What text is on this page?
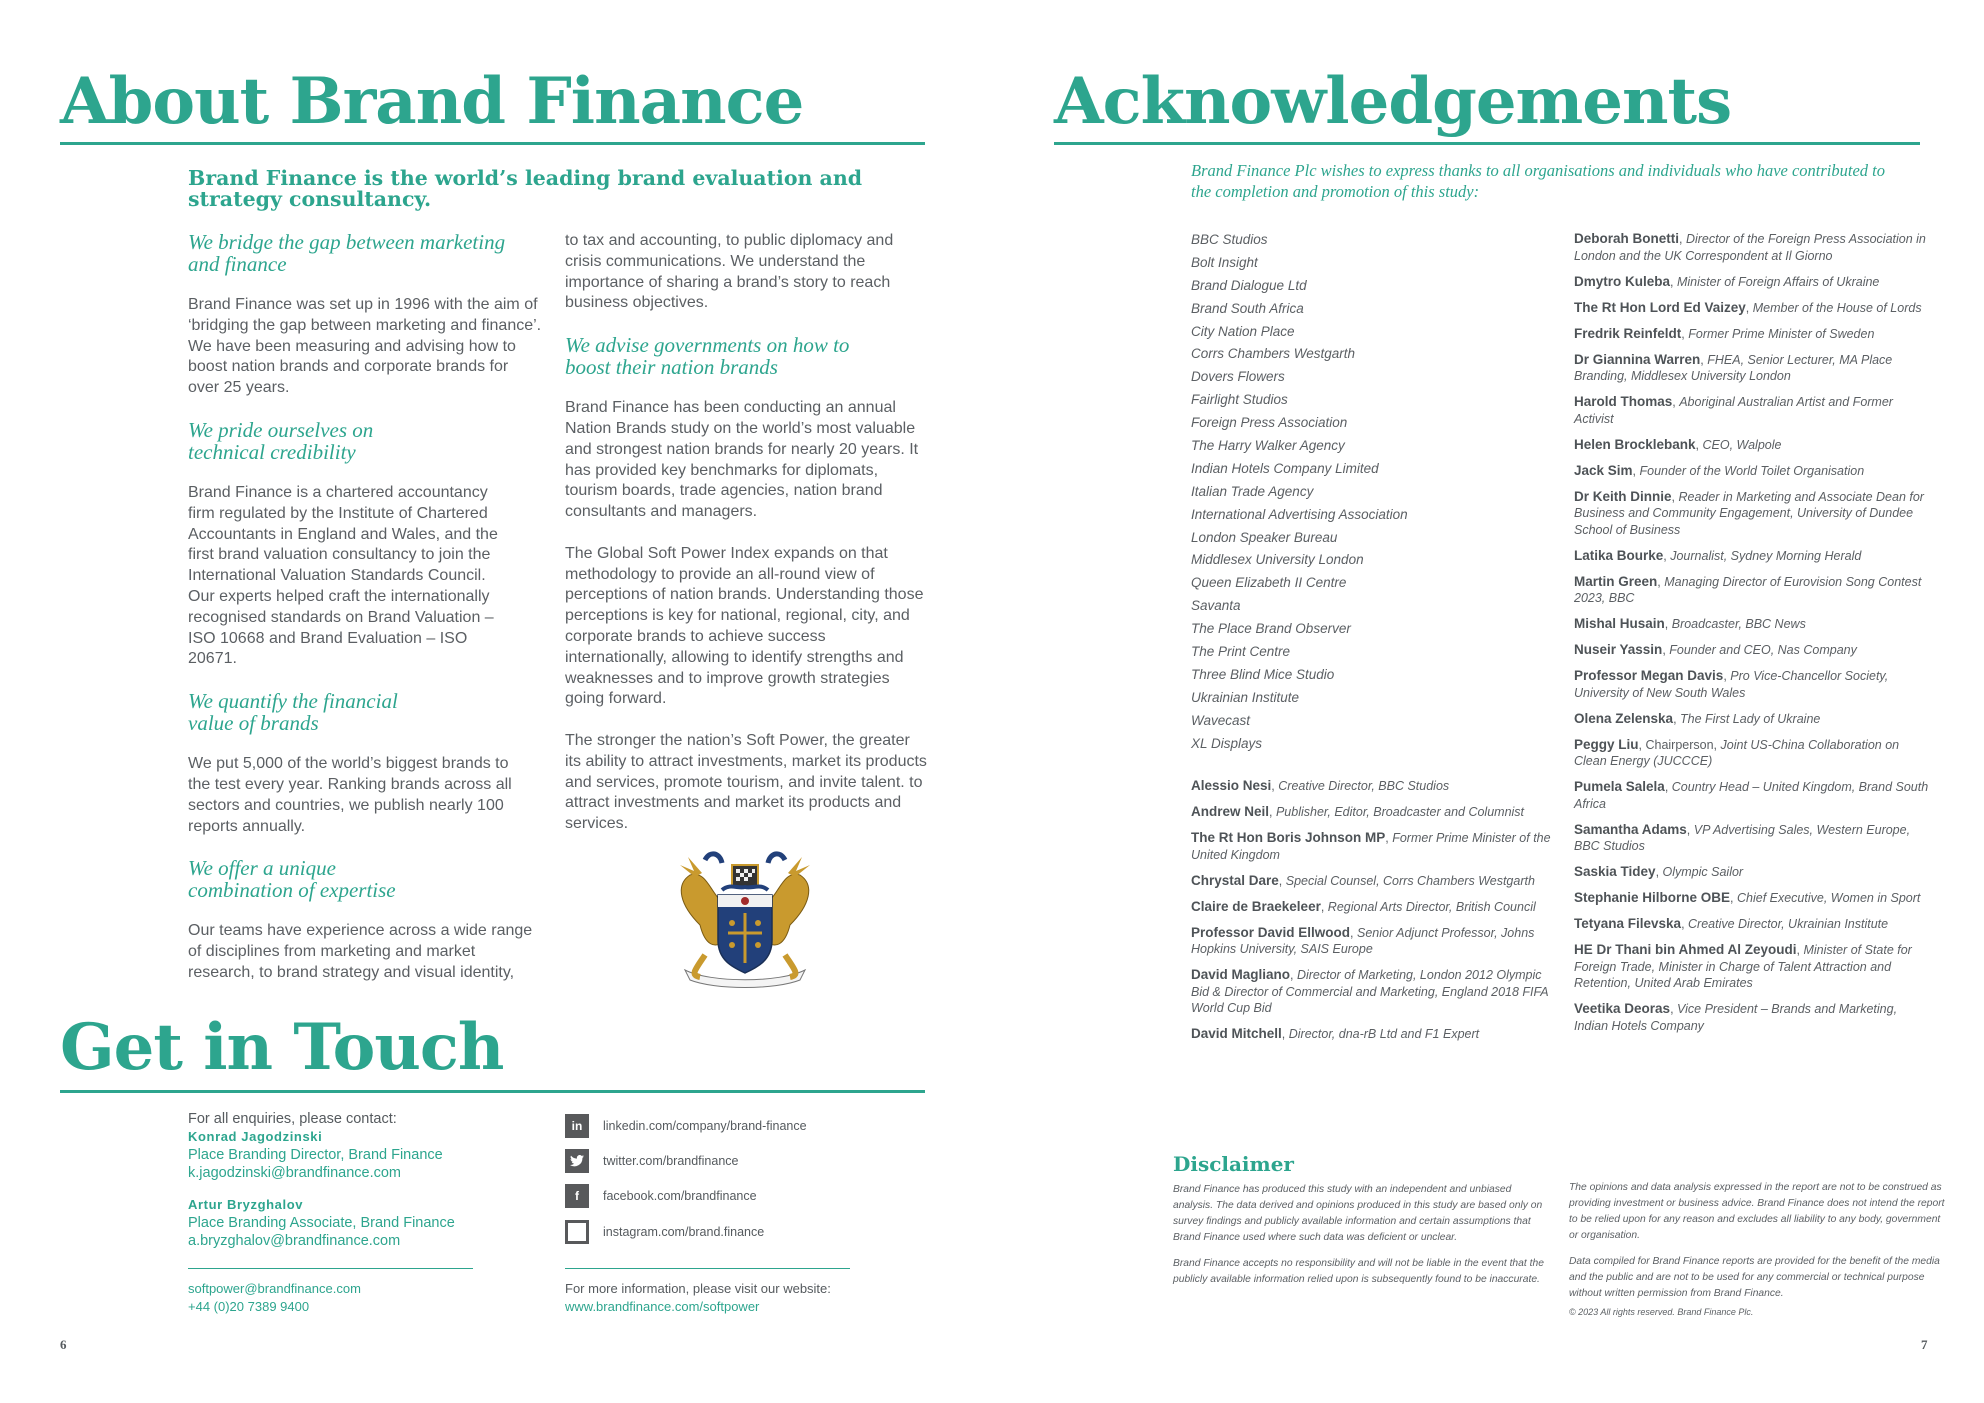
About Brand Finance
Brand Finance is the world’s leading brand evaluation and strategy consultancy.
We bridge the gap between marketing and finance
Brand Finance was set up in 1996 with the aim of ‘bridging the gap between marketing and finance’. We have been measuring and advising how to boost nation brands and corporate brands for over 25 years.
We pride ourselves on technical credibility
Brand Finance is a chartered accountancy firm regulated by the Institute of Chartered Accountants in England and Wales, and the first brand valuation consultancy to join the International Valuation Standards Council. Our experts helped craft the internationally recognised standards on Brand Valuation – ISO 10668 and Brand Evaluation – ISO 20671.
We quantify the financial value of brands
We put 5,000 of the world’s biggest brands to the test every year. Ranking brands across all sectors and countries, we publish nearly 100 reports annually.
We offer a unique combination of expertise
Our teams have experience across a wide range of disciplines from marketing and market research, to brand strategy and visual identity,
to tax and accounting, to public diplomacy and crisis communications. We understand the importance of sharing a brand’s story to reach business objectives.
We advise governments on how to boost their nation brands
Brand Finance has been conducting an annual Nation Brands study on the world’s most valuable and strongest nation brands for nearly 20 years. It has provided key benchmarks for diplomats, tourism boards, trade agencies, nation brand consultants and managers.
The Global Soft Power Index expands on that methodology to provide an all-round view of perceptions of nation brands. Understanding those perceptions is key for national, regional, city, and corporate brands to achieve success internationally, allowing to identify strengths and weaknesses and to improve growth strategies going forward.
The stronger the nation’s Soft Power, the greater its ability to attract investments, market its products and services, promote tourism, and invite talent. to attract investments and market its products and services.
Get in Touch
For all enquiries, please contact:
Konrad Jagodzinski
Place Branding Director, Brand Finance
k.jagodzinski@brandfinance.com
Artur Bryzghalov
Place Branding Associate, Brand Finance
a.bryzghalov@brandfinance.com
softpower@brandfinance.com
+44 (0)20 7389 9400
in	linkedin.com/company/brand-finance
twitter.com/brandfinance
f	facebook.com/brandfinance
instagram.com/brand.finance
For more information, please visit our website:
www.brandfinance.com/softpower
6
Acknowledgements
Brand Finance Plc wishes to express thanks to all organisations and individuals who have contributed to the completion and promotion of this study:
BBC Studios
Bolt Insight
Brand Dialogue Ltd
Brand South Africa
City Nation Place
Corrs Chambers Westgarth
Dovers Flowers
Fairlight Studios
Foreign Press Association
The Harry Walker Agency
Indian Hotels Company Limited
Italian Trade Agency
International Advertising Association
London Speaker Bureau
Middlesex University London
Queen Elizabeth II Centre
Savanta
The Place Brand Observer
The Print Centre
Three Blind Mice Studio
Ukrainian Institute
Wavecast
XL Displays
Alessio Nesi, Creative Director, BBC Studios
Andrew Neil, Publisher, Editor, Broadcaster and Columnist
The Rt Hon Boris Johnson MP, Former Prime Minister of the United Kingdom
Chrystal Dare, Special Counsel, Corrs Chambers Westgarth
Claire de Braekeleer, Regional Arts Director, British Council
Professor David Ellwood, Senior Adjunct Professor, Johns Hopkins University, SAIS Europe
David Magliano, Director of Marketing, London 2012 Olympic Bid & Director of Commercial and Marketing, England 2018 FIFA World Cup Bid
David Mitchell, Director, dna-rB Ltd and F1 Expert
Deborah Bonetti, Director of the Foreign Press Association in London and the UK Correspondent at Il Giorno
Dmytro Kuleba, Minister of Foreign Affairs of Ukraine
The Rt Hon Lord Ed Vaizey, Member of the House of Lords
Fredrik Reinfeldt, Former Prime Minister of Sweden
Dr Giannina Warren, FHEA, Senior Lecturer, MA Place Branding, Middlesex University London
Harold Thomas, Aboriginal Australian Artist and Former Activist
Helen Brocklebank, CEO, Walpole
Jack Sim, Founder of the World Toilet Organisation
Dr Keith Dinnie, Reader in Marketing and Associate Dean for Business and Community Engagement, University of Dundee School of Business
Latika Bourke, Journalist, Sydney Morning Herald
Martin Green, Managing Director of Eurovision Song Contest 2023, BBC
Mishal Husain, Broadcaster, BBC News
Nuseir Yassin, Founder and CEO, Nas Company
Professor Megan Davis, Pro Vice-Chancellor Society, University of New South Wales
Olena Zelenska, The First Lady of Ukraine
Peggy Liu, Chairperson, Joint US-China Collaboration on Clean Energy (JUCCCE)
Pumela Salela, Country Head – United Kingdom, Brand South Africa
Samantha Adams, VP Advertising Sales, Western Europe, BBC Studios
Saskia Tidey, Olympic Sailor
Stephanie Hilborne OBE, Chief Executive, Women in Sport
Tetyana Filevska, Creative Director, Ukrainian Institute
HE Dr Thani bin Ahmed Al Zeyoudi, Minister of State for Foreign Trade, Minister in Charge of Talent Attraction and Retention, United Arab Emirates
Veetika Deoras, Vice President – Brands and Marketing, Indian Hotels Company
Disclaimer

Brand Finance has produced this study with an independent and unbiased analysis. The data derived and opinions produced in this study are based only on survey findings and publicly available information and certain assumptions that Brand Finance used where such data was deficient or unclear.

Brand Finance accepts no responsibility and will not be liable in the event that the publicly available information relied upon is subsequently found to be inaccurate.

The opinions and data analysis expressed in the report are not to be construed as providing investment or business advice. Brand Finance does not intend the report to be relied upon for any reason and excludes all liability to any body, government or organisation.

Data compiled for Brand Finance reports are provided for the benefit of the media and the public and are not to be used for any commercial or technical purpose without written permission from Brand Finance.

© 2023 All rights reserved. Brand Finance Plc.
7
